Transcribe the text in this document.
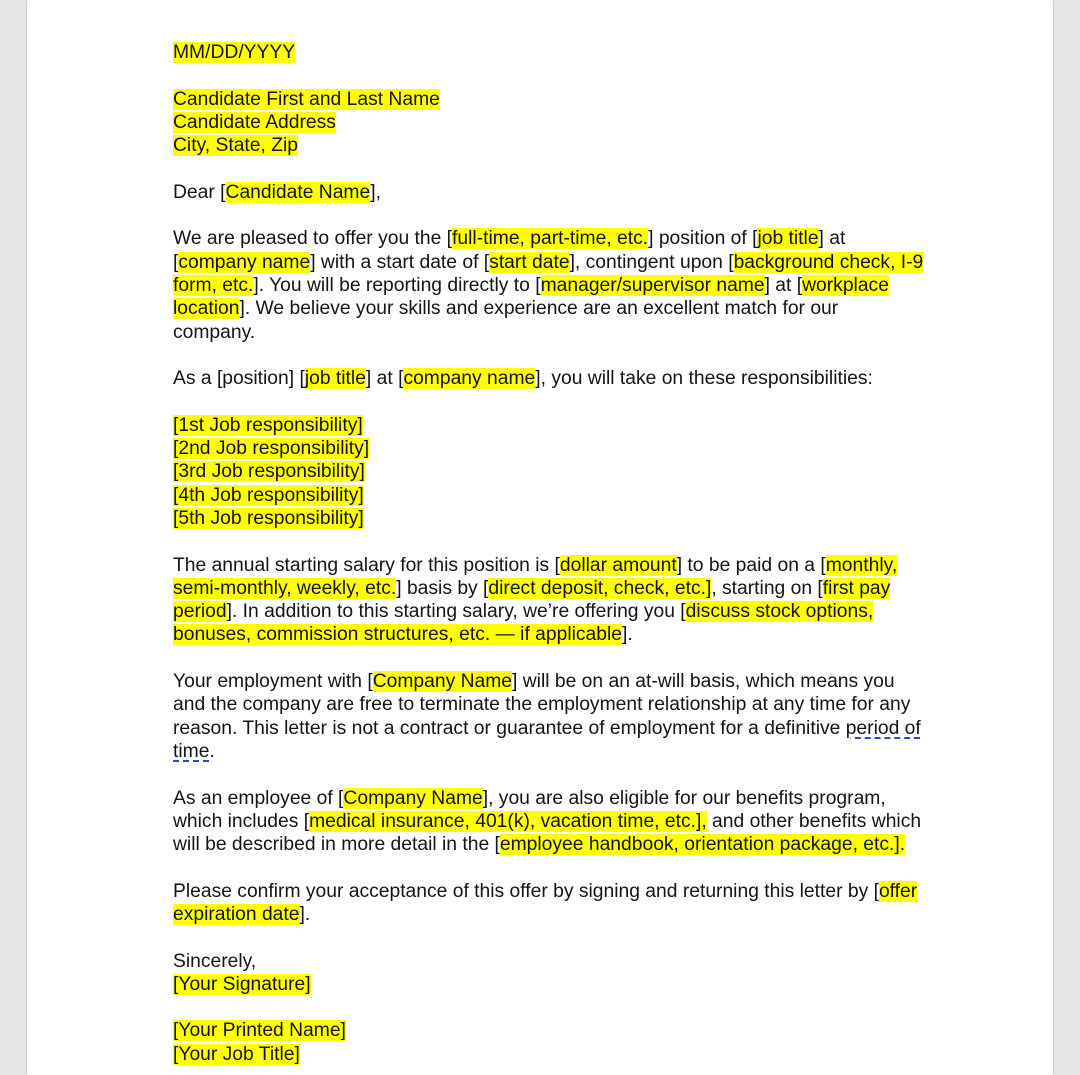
MM/DD/YYYY
Candidate First and Last Name
Candidate Address
City, State, Zip
Dear [Candidate Name],
We are pleased to offer you the [full-time, part-time, etc.] position of [job title] at
[company name] with a start date of [start date], contingent upon [background check, I-9
form, etc.]. You will be reporting directly to [manager/supervisor name] at [workplace
location]. We believe your skills and experience are an excellent match for our
company.
As a [position] [job title] at [company name], you will take on these responsibilities:
[1st Job responsibility]
[2nd Job responsibility]
[3rd Job responsibility]
[4th Job responsibility]
[5th Job responsibility]
The annual starting salary for this position is [dollar amount] to be paid on a [monthly,
semi-monthly, weekly, etc.] basis by [direct deposit, check, etc.], starting on [first pay
period]. In addition to this starting salary, we’re offering you [discuss stock options,
bonuses, commission structures, etc. — if applicable].
Your employment with [Company Name] will be on an at-will basis, which means you
and the company are free to terminate the employment relationship at any time for any
reason. This letter is not a contract or guarantee of employment for a definitive period of
time.
As an employee of [Company Name], you are also eligible for our benefits program,
which includes [medical insurance, 401(k), vacation time, etc.], and other benefits which
will be described in more detail in the [employee handbook, orientation package, etc.].
Please confirm your acceptance of this offer by signing and returning this letter by [offer
expiration date].
Sincerely,
[Your Signature]
[Your Printed Name]
[Your Job Title]
